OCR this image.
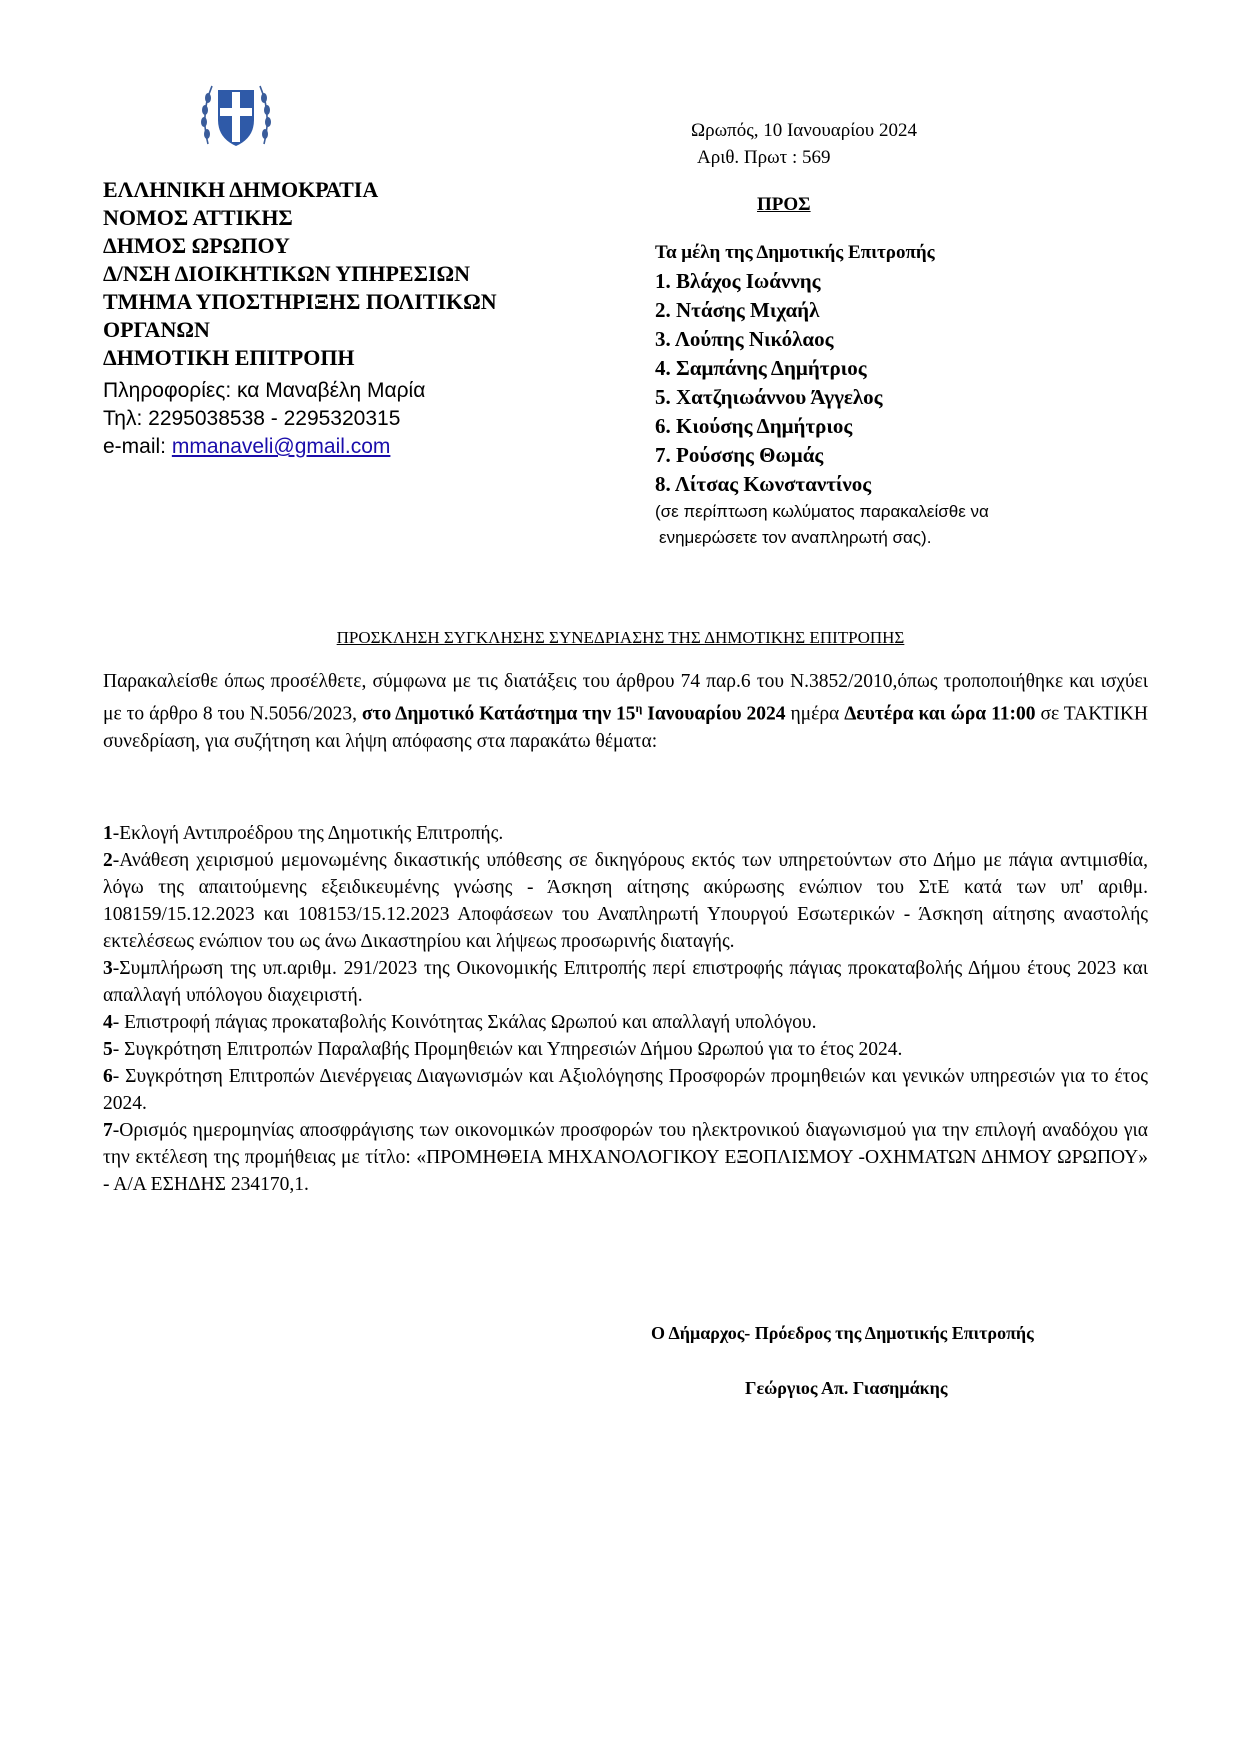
Ωρωπός, 10 Ιανουαρίου 2024
Αριθ. Πρωτ : 569
ΕΛΛΗΝΙΚΗ ΔΗΜΟΚΡΑΤΙΑ
ΝΟΜΟΣ ΑΤΤΙΚΗΣ
ΔΗΜΟΣ ΩΡΩΠΟΥ
Δ/ΝΣΗ ΔΙΟΙΚΗΤΙΚΩΝ ΥΠΗΡΕΣΙΩΝ
ΤΜΗΜΑ ΥΠΟΣΤΗΡΙΞΗΣ ΠΟΛΙΤΙΚΩΝ
ΟΡΓΑΝΩΝ
ΔΗΜΟΤΙΚΗ ΕΠΙΤΡΟΠΗ
Πληροφορίες: κα Μαναβέλη Μαρία
Τηλ: 2295038538 - 2295320315
e-mail: mmanaveli@gmail.com
ΠΡΟΣ
Τα μέλη της Δημοτικής Επιτροπής
1. Βλάχος Ιωάννης
2. Ντάσης Μιχαήλ
3. Λούπης Νικόλαος
4. Σαμπάνης Δημήτριος
5. Χατζηιωάννου Άγγελος
6. Κιούσης Δημήτριος
7. Ρούσσης Θωμάς
8. Λίτσας Κωνσταντίνος
(σε περίπτωση κωλύματος παρακαλείσθε να
ενημερώσετε τον αναπληρωτή σας).
ΠΡΟΣΚΛΗΣΗ ΣΥΓΚΛΗΣΗΣ ΣΥΝΕΔΡΙΑΣΗΣ ΤΗΣ ΔΗΜΟΤΙΚΗΣ ΕΠΙΤΡΟΠΗΣ
Παρακαλείσθε όπως προσέλθετε, σύμφωνα με τις διατάξεις του άρθρου 74 παρ.6 του Ν.3852/2010,όπως τροποποιήθηκε και ισχύει με το άρθρο 8 του Ν.5056/2023, στο Δημοτικό Κατάστημα την $15^\eta$ Ιανουαρίου 2024 ημέρα Δευτέρα και ώρα 11:00 σε ΤΑΚΤΙΚΗ συνεδρίαση, για συζήτηση και λήψη απόφασης στα παρακάτω θέματα:

1-Εκλογή Αντιπροέδρου της Δημοτικής Επιτροπής.

2-Ανάθεση χειρισμού μεμονωμένης δικαστικής υπόθεσης σε δικηγόρους εκτός των υπηρετούντων στο Δήμο με πάγια αντιμισθία, λόγω της απαιτούμενης εξειδικευμένης γνώσης - Άσκηση αίτησης ακύρωσης ενώπιον του ΣτΕ κατά των υπ' αριθμ. 108159/15.12.2023 και 108153/15.12.2023 Αποφάσεων του Αναπληρωτή Υπουργού Εσωτερικών - Άσκηση αίτησης αναστολής εκτελέσεως ενώπιον του ως άνω Δικαστηρίου και λήψεως προσωρινής διαταγής.

3-Συμπλήρωση της υπ.αριθμ. 291/2023 της Οικονομικής Επιτροπής περί επιστροφής πάγιας προκαταβολής Δήμου έτους 2023 και απαλλαγή υπόλογου διαχειριστή.

4- Επιστροφή πάγιας προκαταβολής Κοινότητας Σκάλας Ωρωπού και απαλλαγή υπολόγου.

5- Συγκρότηση Επιτροπών Παραλαβής Προμηθειών και Υπηρεσιών Δήμου Ωρωπού για το έτος 2024.

6- Συγκρότηση Επιτροπών Διενέργειας Διαγωνισμών και Αξιολόγησης Προσφορών προμηθειών και γενικών υπηρεσιών για το έτος 2024.

7-Ορισμός ημερομηνίας αποσφράγισης των οικονομικών προσφορών του ηλεκτρονικού διαγωνισμού για την επιλογή αναδόχου για την εκτέλεση της προμήθειας με τίτλο: «ΠΡΟΜΗΘΕΙΑ ΜΗΧΑΝΟΛΟΓΙΚΟΥ ΕΞΟΠΛΙΣΜΟΥ -ΟΧΗΜΑΤΩΝ ΔΗΜΟΥ ΩΡΩΠΟΥ» - Α/Α ΕΣΗΔΗΣ 234170,1.

Ο Δήμαρχος- Πρόεδρος της Δημοτικής Επιτροπής
Γεώργιος Απ. Γιασημάκης
